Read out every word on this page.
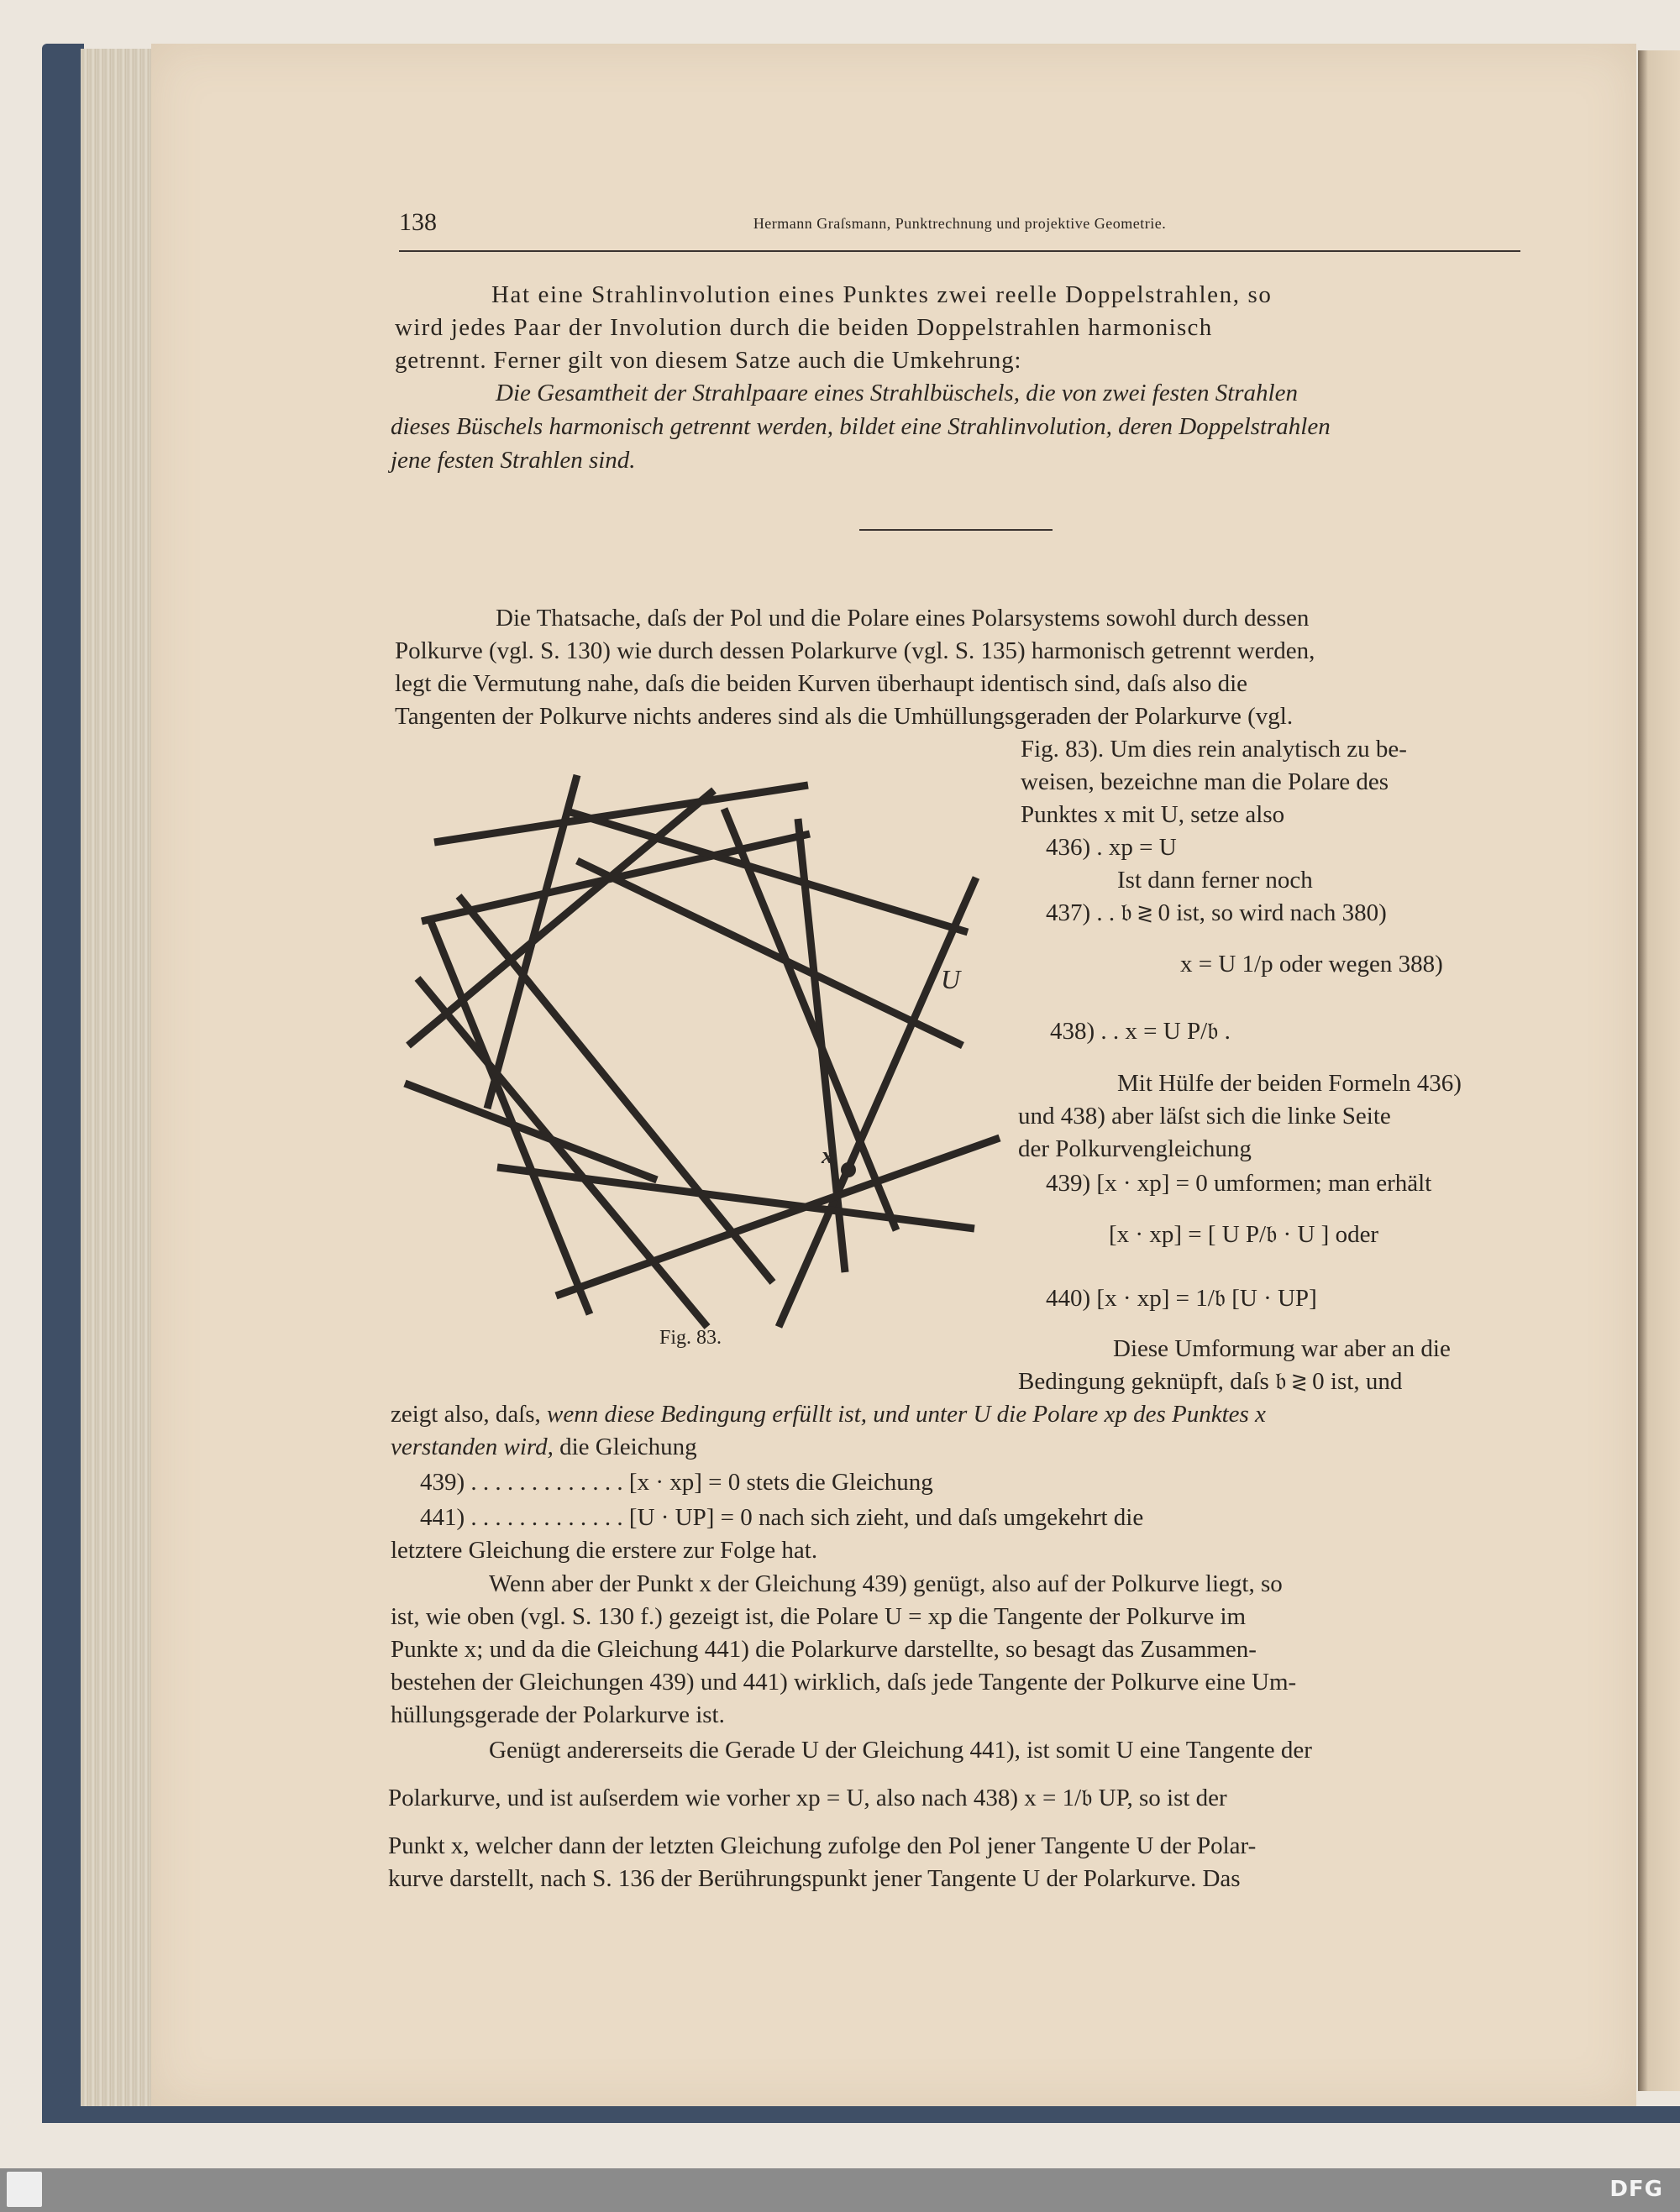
138	Hermann Graſsmann, Punktrechnung und projektive Geometrie.
Hat eine Strahlinvolution eines Punktes zwei reelle Doppelstrahlen, so
wird jedes Paar der Involution durch die beiden Doppelstrahlen harmonisch
getrennt. Ferner gilt von diesem Satze auch die Umkehrung:
Die Gesamtheit der Strahlpaare eines Strahlbüschels, die von zwei festen Strahlen
dieses Büschels harmonisch getrennt werden, bildet eine Strahlinvolution, deren Doppelstrahlen
jene festen Strahlen sind.
Die Thatsache, daſs der Pol und die Polare eines Polarsystems sowohl durch dessen
Polkurve (vgl. S. 130) wie durch dessen Polarkurve (vgl. S. 135) harmonisch getrennt werden,
legt die Vermutung nahe, daſs die beiden Kurven überhaupt identisch sind, daſs also die
Tangenten der Polkurve nichts anderes sind als die Umhüllungsgeraden der Polarkurve (vgl.
Fig. 83). Um dies rein analytisch zu be-
weisen, bezeichne man die Polare des
Punktes x mit U, setze also
436) . xp = U
Ist dann ferner noch
437) . . 𝔟 ≷ 0 ist, so wird nach 380)
x = U 1/p oder wegen 388)
438) . . x = U P/𝔟 .
Mit Hülfe der beiden Formeln 436)
und 438) aber läſst sich die linke Seite
der Polkurvengleichung
439) [x · xp] = 0 umformen; man erhält
[x · xp] = [ U P/𝔟 · U ] oder
440) [x · xp] = 1/𝔟 [U · UP]
Diese Umformung war aber an die
Bedingung geknüpft, daſs 𝔟 ≷ 0 ist, und
zeigt also, daſs, wenn diese Bedingung erfüllt ist, und unter U die Polare xp des Punktes x
verstanden wird, die Gleichung
439) . . . . . . . . . . . . . [x · xp] = 0 stets die Gleichung
441) . . . . . . . . . . . . . [U · UP] = 0 nach sich zieht, und daſs umgekehrt die
letztere Gleichung die erstere zur Folge hat.
Wenn aber der Punkt x der Gleichung 439) genügt, also auf der Polkurve liegt, so
ist, wie oben (vgl. S. 130 f.) gezeigt ist, die Polare U = xp die Tangente der Polkurve im
Punkte x; und da die Gleichung 441) die Polarkurve darstellte, so besagt das Zusammen-
bestehen der Gleichungen 439) und 441) wirklich, daſs jede Tangente der Polkurve eine Um-
hüllungsgerade der Polarkurve ist.
Genügt andererseits die Gerade U der Gleichung 441), ist somit U eine Tangente der
Polarkurve, und ist auſserdem wie vorher xp = U, also nach 438) x = 1/𝔟 UP, so ist der
Punkt x, welcher dann der letzten Gleichung zufolge den Pol jener Tangente U der Polar-
kurve darstellt, nach S. 136 der Berührungspunkt jener Tangente U der Polarkurve. Das
U
x
Fig. 83.
DFG
